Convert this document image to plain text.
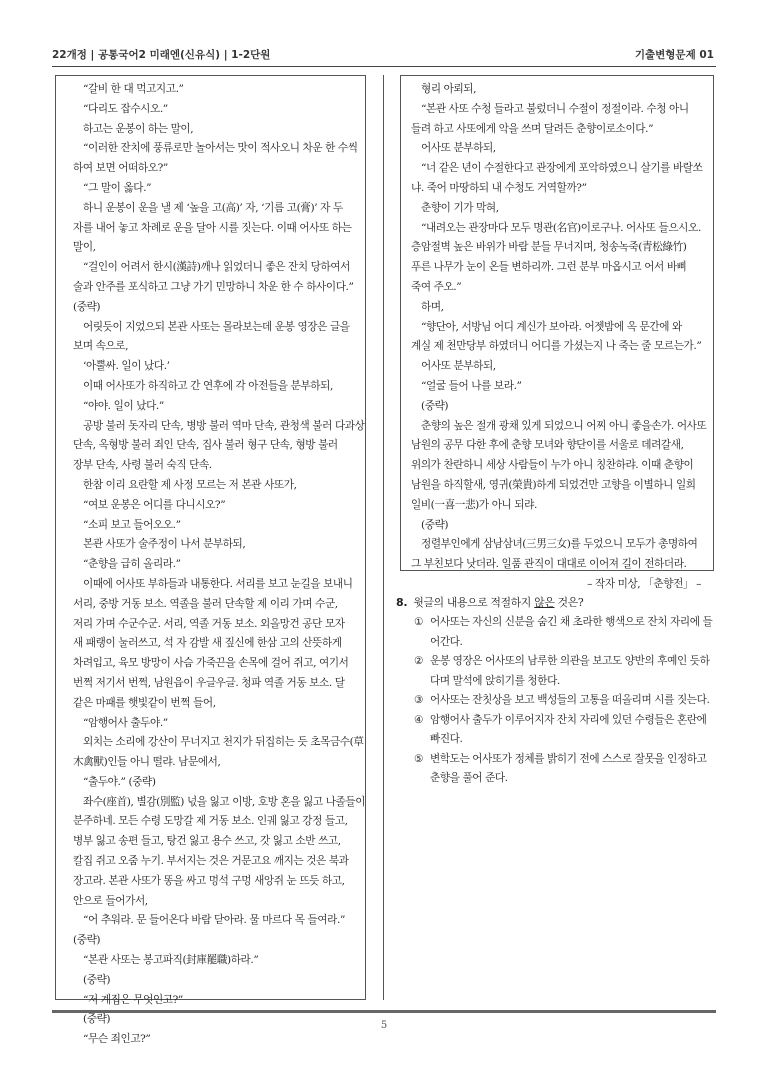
22개정 | 공통국어2 미래엔(신유식) | 1-2단원	기출변형문제 01
“갈비 한 대 먹고지고.”
“다리도 잡수시오.”
하고는 운봉이 하는 말이,
“이러한 잔치에 풍류로만 놀아서는 맛이 적사오니 차운 한 수씩
하여 보면 어떠하오?”
“그 말이 옳다.”
하니 운봉이 운을 낼 제 ‘높을 고(高)’ 자, ‘기름 고(膏)’ 자 두
자를 내어 놓고 차례로 운을 달아 시를 짓는다. 이때 어사또 하는
말이,
“걸인이 어려서 한시(漢詩)깨나 읽었더니 좋은 잔치 당하여서
술과 안주를 포식하고 그냥 가기 민망하니 차운 한 수 하사이다.”
(중략)
어릿듯이 지었으되 본관 사또는 몰라보는데 운봉 영장은 글을
보며 속으로,
‘아뿔싸. 일이 났다.’
이때 어사또가 하직하고 간 연후에 각 아전들을 분부하되,
“야야. 일이 났다.”
공방 불러 돗자리 단속, 병방 불러 역마 단속, 관청색 불러 다과상
단속, 옥형방 불러 죄인 단속, 집사 불러 형구 단속, 형방 불러
장부 단속, 사령 불러 숙직 단속.
한참 이리 요란할 제 사정 모르는 저 본관 사또가,
“여보 운봉은 어디를 다니시오?”
“소피 보고 들어오오.”
본관 사또가 술주정이 나서 분부하되,
“춘향을 급히 올리라.”
이때에 어사또 부하들과 내통한다. 서리를 보고 눈길을 보내니
서리, 중방 거동 보소. 역졸을 불러 단속할 제 이리 가며 수군,
저리 가며 수군수군. 서리, 역졸 거동 보소. 외올망건 공단 모자
새 패랭이 눌러쓰고, 석 자 감발 새 짚신에 한삼 고의 산뜻하게
차려입고, 육모 방망이 사슴 가죽끈을 손목에 걸어 쥐고, 여기서
번쩍 저기서 번쩍, 남원읍이 우글우글. 청파 역졸 거동 보소. 달
같은 마패를 햇빛같이 번쩍 들어,
“암행어사 출두야.”
외치는 소리에 강산이 무너지고 천지가 뒤집히는 듯 초목금수(草
木禽獸)인들 아니 떨랴. 남문에서,
“출두야.” (중략)
좌수(座首), 별감(別監) 넋을 잃고 이방, 호방 혼을 잃고 나졸들이
분주하네. 모든 수령 도망갈 제 거동 보소. 인궤 잃고 강정 들고,
병부 잃고 송편 들고, 탕건 잃고 용수 쓰고, 갓 잃고 소반 쓰고,
칼집 쥐고 오줌 누기. 부서지는 것은 거문고요 깨지는 것은 북과
장고라. 본관 사또가 똥을 싸고 멍석 구멍 새앙쥐 눈 뜨듯 하고,
안으로 들어가서,
“어 추워라. 문 들어온다 바람 닫아라. 물 마르다 목 들여라.”
(중략)
“본관 사또는 봉고파직(封庫罷職)하라.”
(중략)
“저 계집은 무엇인고?”
(중략)
“무슨 죄인고?”
형리 아뢰되,
“본관 사또 수청 들라고 불렀더니 수절이 정절이라. 수청 아니
들려 하고 사또에게 악을 쓰며 달려든 춘향이로소이다.”
어사또 분부하되,
“너 같은 년이 수절한다고 관장에게 포악하였으니 살기를 바랄쏘
냐. 죽어 마땅하되 내 수청도 거역할까?”
춘향이 기가 막혀,
“내려오는 관장마다 모두 명관(名官)이로구나. 어사또 들으시오.
층암절벽 높은 바위가 바람 분들 무너지며, 청송녹죽(青松綠竹)
푸른 나무가 눈이 온들 변하리까. 그런 분부 마옵시고 어서 바삐
죽여 주오.”
하며,
“향단아, 서방님 어디 계신가 보아라. 어젯밤에 옥 문간에 와
계실 제 천만당부 하였더니 어디를 가셨는지 나 죽는 줄 모르는가.”
어사또 분부하되,
“얼굴 들어 나를 보라.”
(중략)
춘향의 높은 절개 광채 있게 되었으니 어찌 아니 좋을손가. 어사또
남원의 공무 다한 후에 춘향 모녀와 향단이를 서울로 데려갈새,
위의가 찬란하니 세상 사람들이 누가 아니 칭찬하랴. 이때 춘향이
남원을 하직할새, 영귀(榮貴)하게 되었건만 고향을 이별하니 일희
일비(一喜一悲)가 아니 되랴.
(중략)
정렬부인에게 삼남삼녀(三男三女)를 두었으니 모두가 총명하여
그 부친보다 낫더라. 일품 관직이 대대로 이어져 길이 전하더라.
– 작자 미상, 「춘향전」 –
8. 윗글의 내용으로 적절하지 않은 것은?
① 어사또는 자신의 신분을 숨긴 채 초라한 행색으로 잔치 자리에 들어간다.
② 운봉 영장은 어사또의 남루한 의관을 보고도 양반의 후예인 듯하다며 말석에 앉히기를 청한다.
③ 어사또는 잔칫상을 보고 백성들의 고통을 떠올리며 시를 짓는다.
④ 암행어사 출두가 이루어지자 잔치 자리에 있던 수령들은 혼란에 빠진다.
⑤ 변학도는 어사또가 정체를 밝히기 전에 스스로 잘못을 인정하고 춘향을 풀어 준다.
5
